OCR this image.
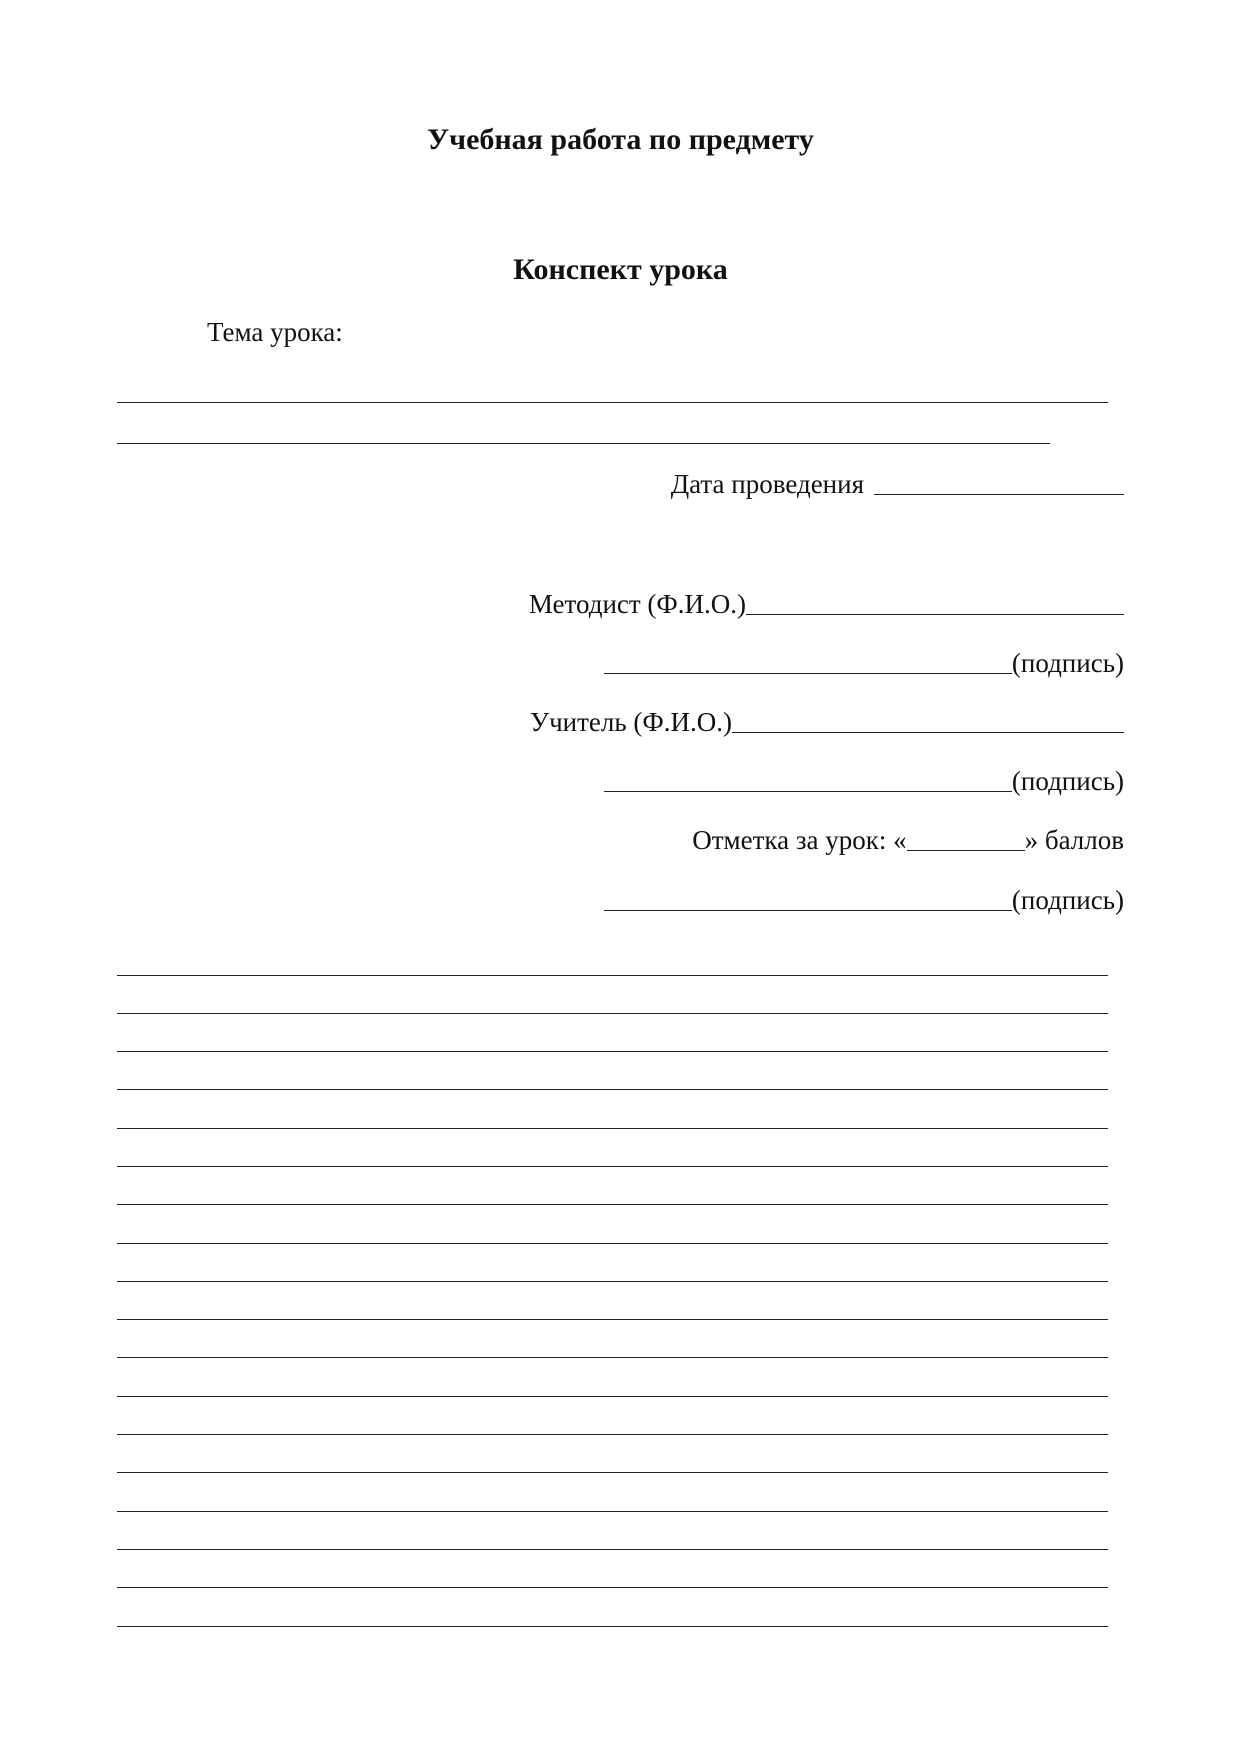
Учебная работа по предмету
Конспект урока
Тема урока:
Дата проведения
Методист (Ф.И.О.)
(подпись)
Учитель (Ф.И.О.)
(подпись)
Отметка за урок: «	» баллов
(подпись)
